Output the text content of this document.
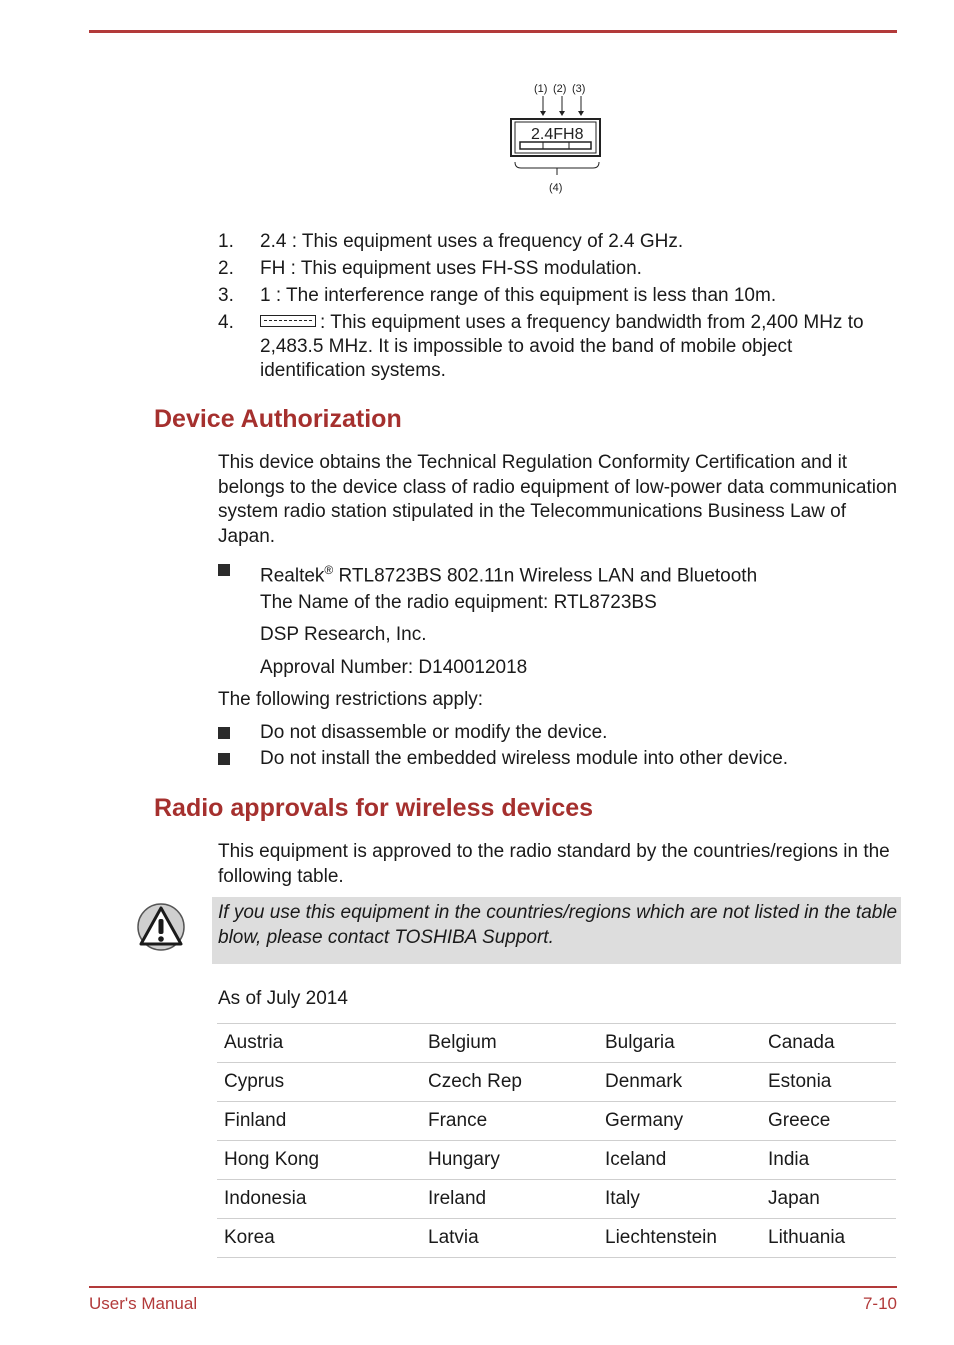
(1) (2) (3)
2.4FH8
(4)
1. 2.4 : This equipment uses a frequency of 2.4 GHz.
2. FH : This equipment uses FH-SS modulation.
3. 1 : The interference range of this equipment is less than 10m.
4.	: This equipment uses a frequency bandwidth from 2,400 MHz to 2,483.5 MHz. It is impossible to avoid the band of mobile object identification systems.
Device Authorization

This device obtains the Technical Regulation Conformity Certification and it belongs to the device class of radio equipment of low-power data communication system radio station stipulated in the Telecommunications Business Law of Japan.

Realtek® RTL8723BS 802.11n Wireless LAN and Bluetooth
The Name of the radio equipment: RTL8723BS
DSP Research, Inc.
Approval Number: D140012018

The following restrictions apply:

Do not disassemble or modify the device.
Do not install the embedded wireless module into other device.
Radio approvals for wireless devices

This equipment is approved to the radio standard by the countries/regions in the following table.

If you use this equipment in the countries/regions which are not listed in the table blow, please contact TOSHIBA Support.

As of July 2014

Austria	Belgium	Bulgaria	Canada
Cyprus	Czech Rep	Denmark	Estonia
Finland	France	Germany	Greece
Hong Kong	Hungary	Iceland	India
Indonesia	Ireland	Italy	Japan
Korea	Latvia	Liechtenstein	Lithuania
User's Manual	7-10
